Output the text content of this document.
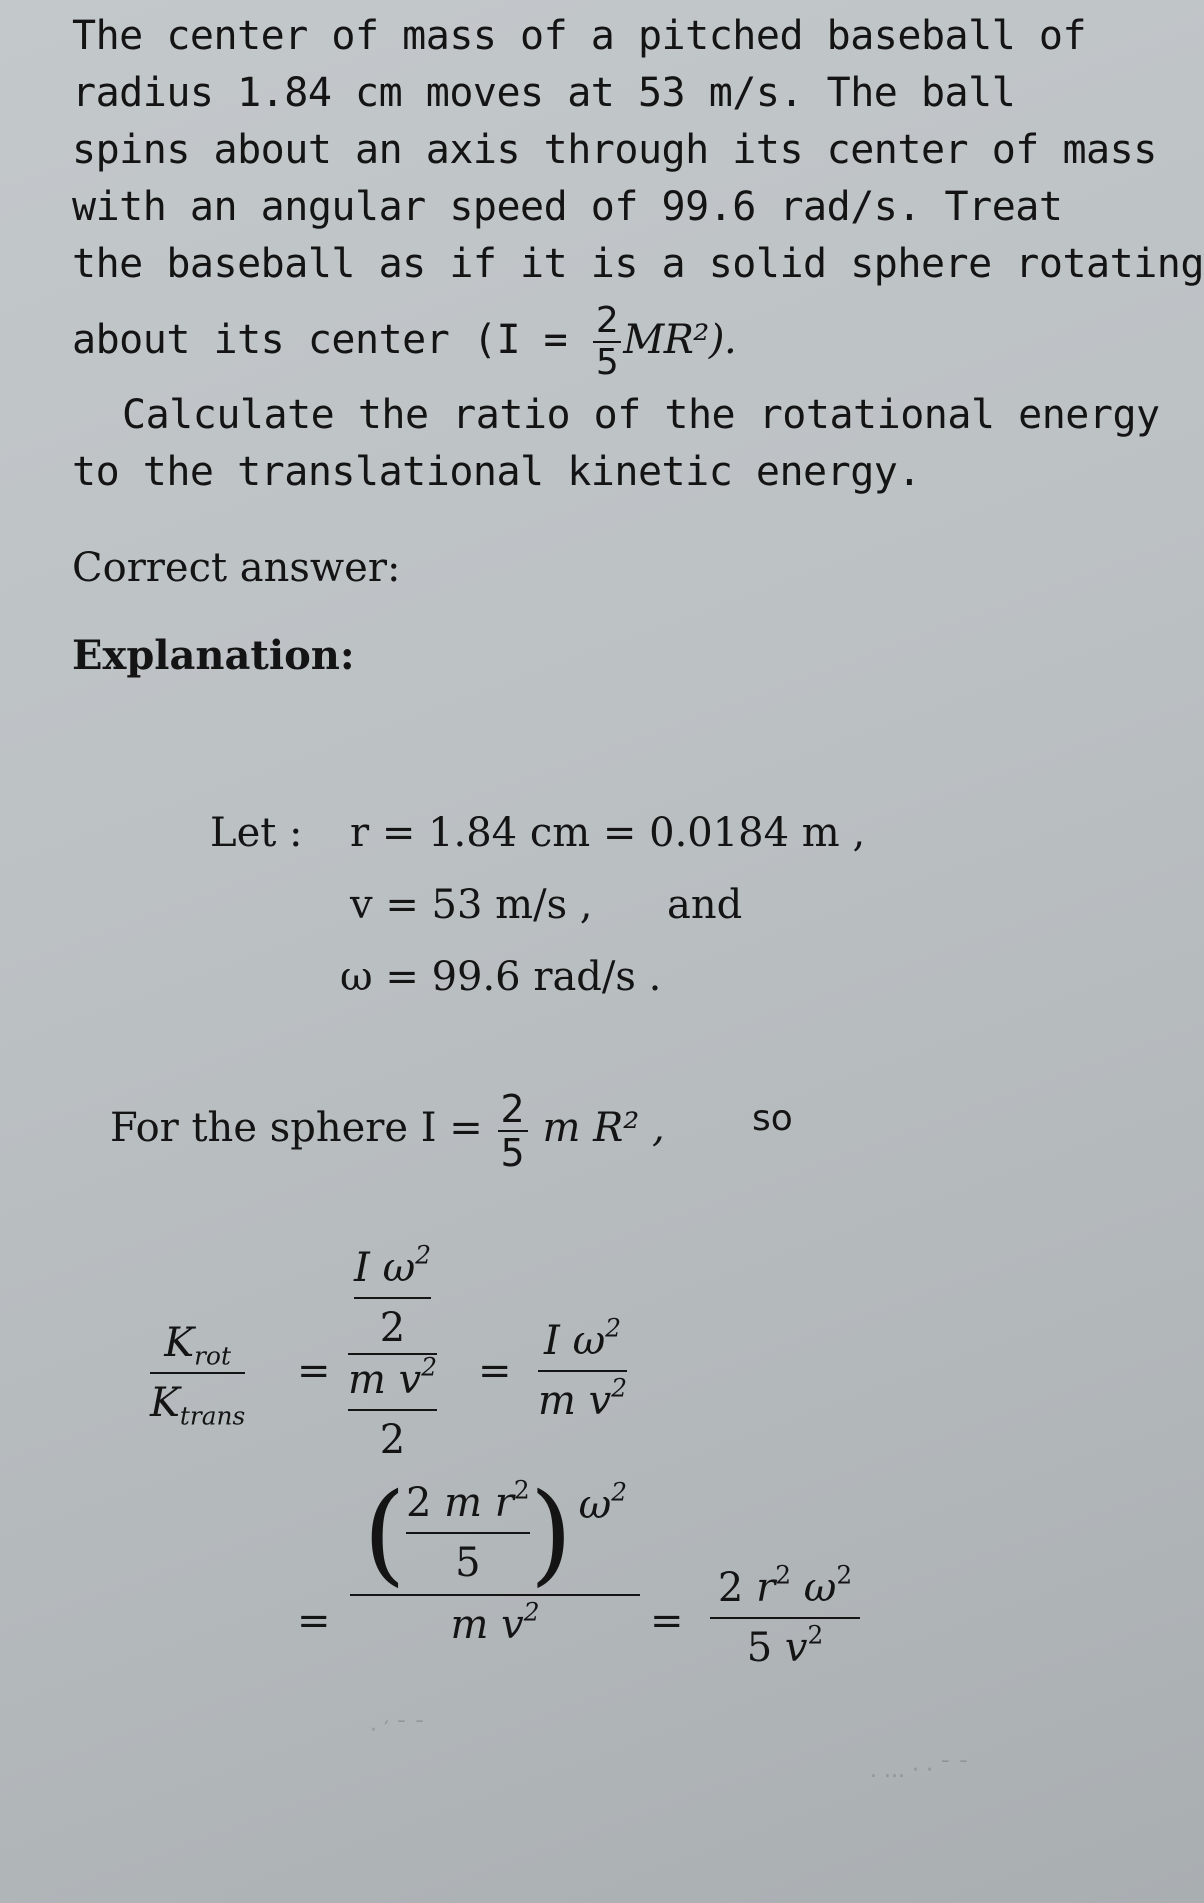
The center of mass of a pitched baseball of
radius 1.84 cm moves at 53 m/s. The ball
spins about an axis through its center of mass
with an angular speed of 99.6 rad/s. Treat
the baseball as if it is a solid sphere rotating
about its center $(I = \frac{2}{5} MR^2)$.
Calculate the ratio of the rotational energy
to the translational kinetic energy.
Correct answer:
Explanation:
Let : r = 1.84 cm = 0.0184 m ,
v = 53 m/s , and
ω = 99.6 rad/s .
For the sphere $I = \frac{2}{5}$ m R² , so
$\frac{K_{rot}}{K_{trans}} = \frac{\frac{I \omega^2}{2}}{\frac{m v^2}{2}} = \frac{I \omega^2}{m v^2}$
=
( $\frac{2 m r^2}{5}$ ) $\omega^2$
m $v^2$	= $\frac{2 r^2 \omega^2}{5 v^2}$
· ′ ˉ ˉ
. ... · · ˉ ˉ
